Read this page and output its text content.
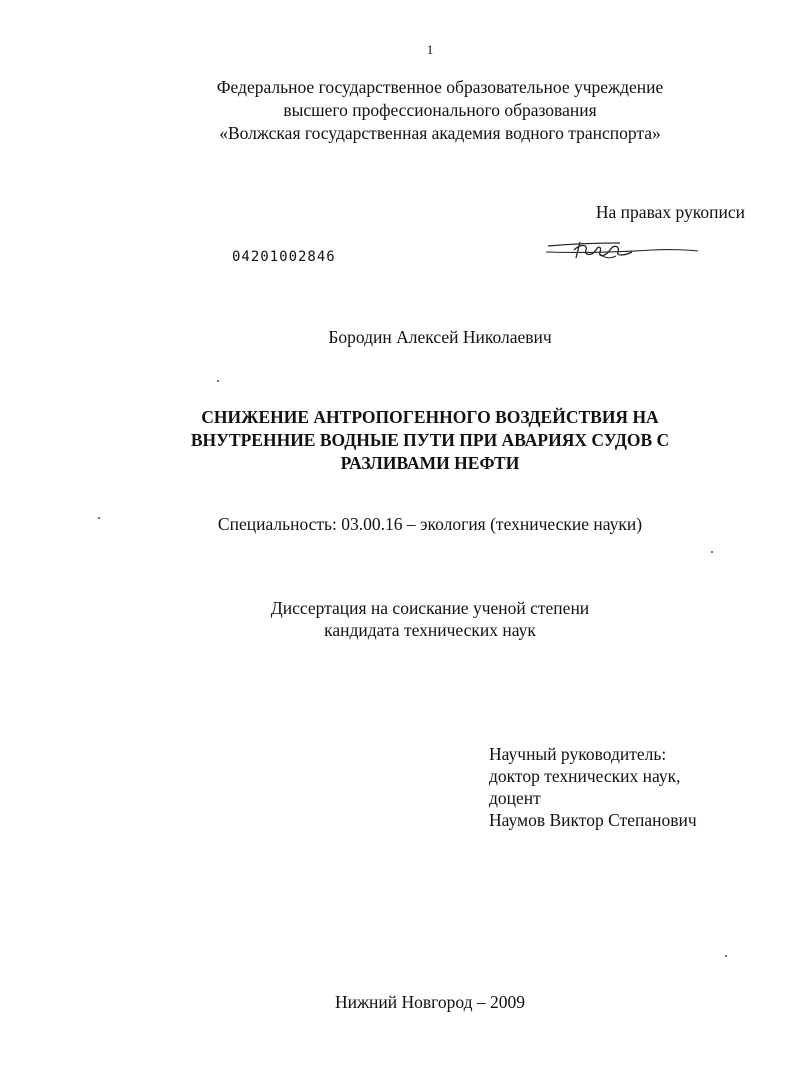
1
Федеральное государственное образовательное учреждение
высшего профессионального образования
«Волжская государственная академия водного транспорта»
На правах рукописи
04201002846
Бородин Алексей Николаевич
СНИЖЕНИЕ АНТРОПОГЕННОГО ВОЗДЕЙСТВИЯ НА
ВНУТРЕННИЕ ВОДНЫЕ ПУТИ ПРИ АВАРИЯХ СУДОВ С
РАЗЛИВАМИ НЕФТИ
Специальность: 03.00.16 – экология (технические науки)
Диссертация на соискание ученой степени
кандидата технических наук
Научный руководитель:
доктор технических наук,
доцент
Наумов Виктор Степанович
Нижний Новгород – 2009
